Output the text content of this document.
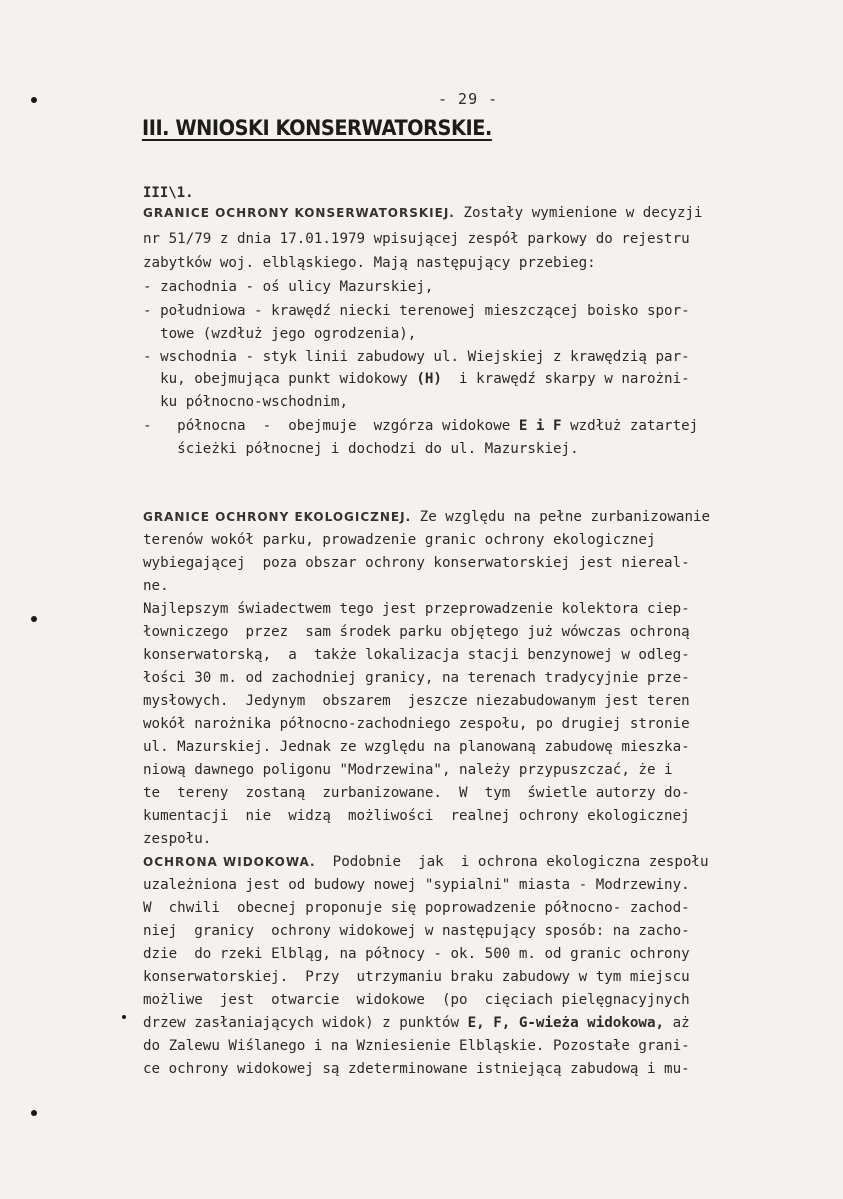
- 29 -
III. WNIOSKI KONSERWATORSKIE.
III\1.
GRANICE OCHRONY KONSERWATORSKIEJ. Zostały wymienione w decyzji
nr 51/79 z dnia 17.01.1979 wpisującej zespół parkowy do rejestru
zabytków woj. elbląskiego. Mają następujący przebieg:
- zachodnia - oś ulicy Mazurskiej,
- południowa - krawędź niecki terenowej mieszczącej boisko spor-
towe (wzdłuż jego ogrodzenia),
- wschodnia - styk linii zabudowy ul. Wiejskiej z krawędzią par-
ku, obejmująca punkt widokowy (H)  i krawędź skarpy w narożni-
ku północno-wschodnim,
-   północna  -  obejmuje  wzgórza widokowe E i F wzdłuż zatartej
ścieżki północnej i dochodzi do ul. Mazurskiej.
GRANICE OCHRONY EKOLOGICZNEJ. Ze względu na pełne zurbanizowanie
terenów wokół parku, prowadzenie granic ochrony ekologicznej
wybiegającej  poza obszar ochrony konserwatorskiej jest niereal-
ne.
Najlepszym świadectwem tego jest przeprowadzenie kolektora ciep-
łowniczego  przez  sam środek parku objętego już wówczas ochroną
konserwatorską,  a  także lokalizacja stacji benzynowej w odleg-
łości 30 m. od zachodniej granicy, na terenach tradycyjnie prze-
mysłowych.  Jedynym  obszarem  jeszcze niezabudowanym jest teren
wokół narożnika północno-zachodniego zespołu, po drugiej stronie
ul. Mazurskiej. Jednak ze względu na planowaną zabudowę mieszka-
niową dawnego poligonu "Modrzewina", należy przypuszczać, że i
te  tereny  zostaną  zurbanizowane.  W  tym  świetle autorzy do-
kumentacji  nie  widzą  możliwości  realnej ochrony ekologicznej
zespołu.
OCHRONA WIDOKOWA.  Podobnie  jak  i ochrona ekologiczna zespołu
uzależniona jest od budowy nowej "sypialni" miasta - Modrzewiny.
W  chwili  obecnej proponuje się poprowadzenie północno- zachod-
niej  granicy  ochrony widokowej w następujący sposób: na zacho-
dzie  do rzeki Elbląg, na północy - ok. 500 m. od granic ochrony
konserwatorskiej.  Przy  utrzymaniu braku zabudowy w tym miejscu
możliwe  jest  otwarcie  widokowe  (po  cięciach pielęgnacyjnych
drzew zasłaniających widok) z punktów E, F, G-wieża widokowa, aż
do Zalewu Wiślanego i na Wzniesienie Elbląskie. Pozostałe grani-
ce ochrony widokowej są zdeterminowane istniejącą zabudową i mu-
